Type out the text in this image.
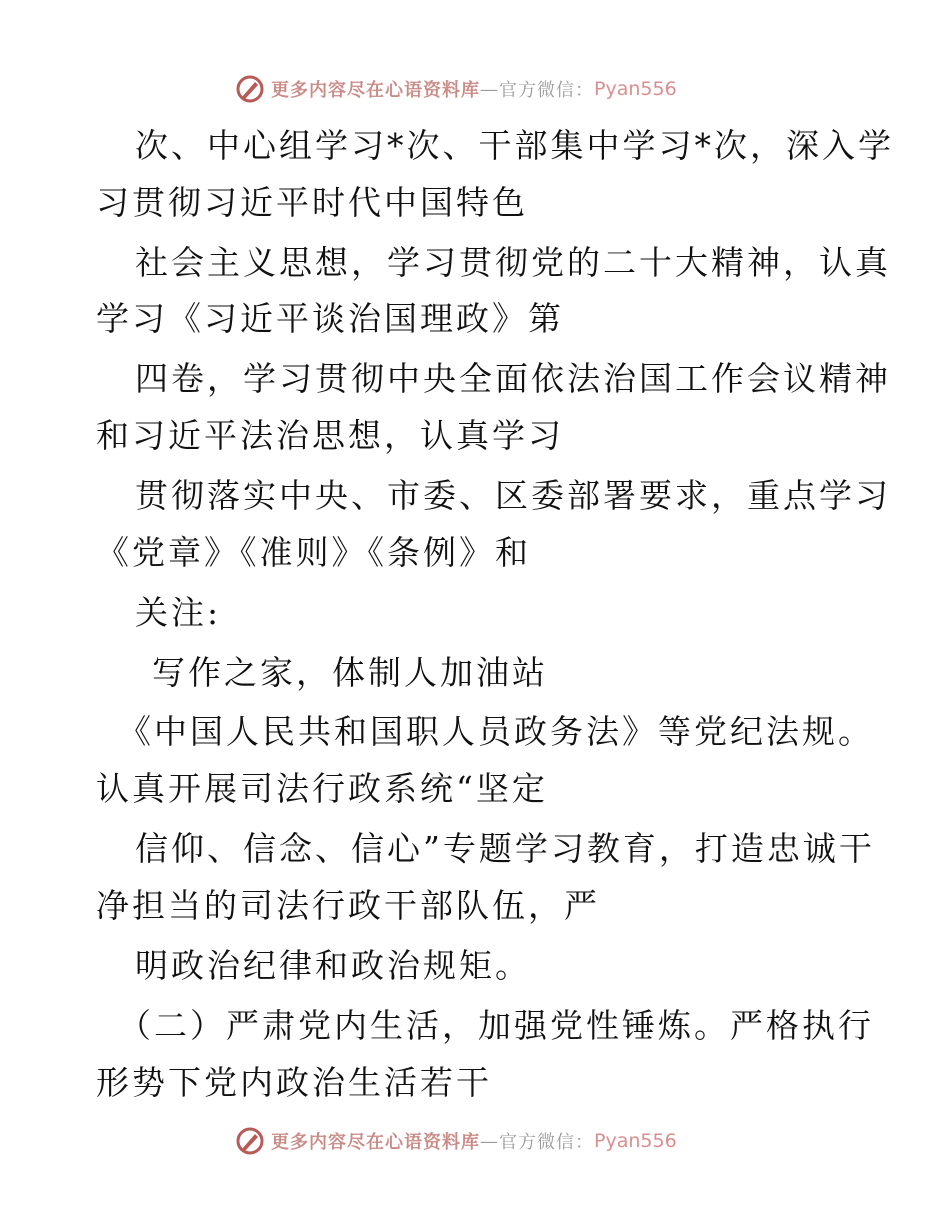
更多内容尽在心语资料库 — 官方微信： Pyan556

次、中心组学习*次、干部集中学习*次，深入学

习贯彻习近平时代中国特色

社会主义思想，学习贯彻党的二十大精神，认真

学习《习近平谈治国理政》第

四卷，学习贯彻中央全面依法治国工作会议精神

和习近平法治思想，认真学习

贯彻落实中央、市委、区委部署要求，重点学习

《党章》《准则》《条例》和

关注:

写作之家，体制人加油站

《中国人民共和国职人员政务法》等党纪法规。

认真开展司法行政系统“坚定

信仰、信念、信心”专题学习教育，打造忠诚干

净担当的司法行政干部队伍，严

明政治纪律和政治规矩。

（二）严肃党内生活，加强党性锤炼。严格执行

形势下党内政治生活若干

更多内容尽在心语资料库 — 官方微信： Pyan556
